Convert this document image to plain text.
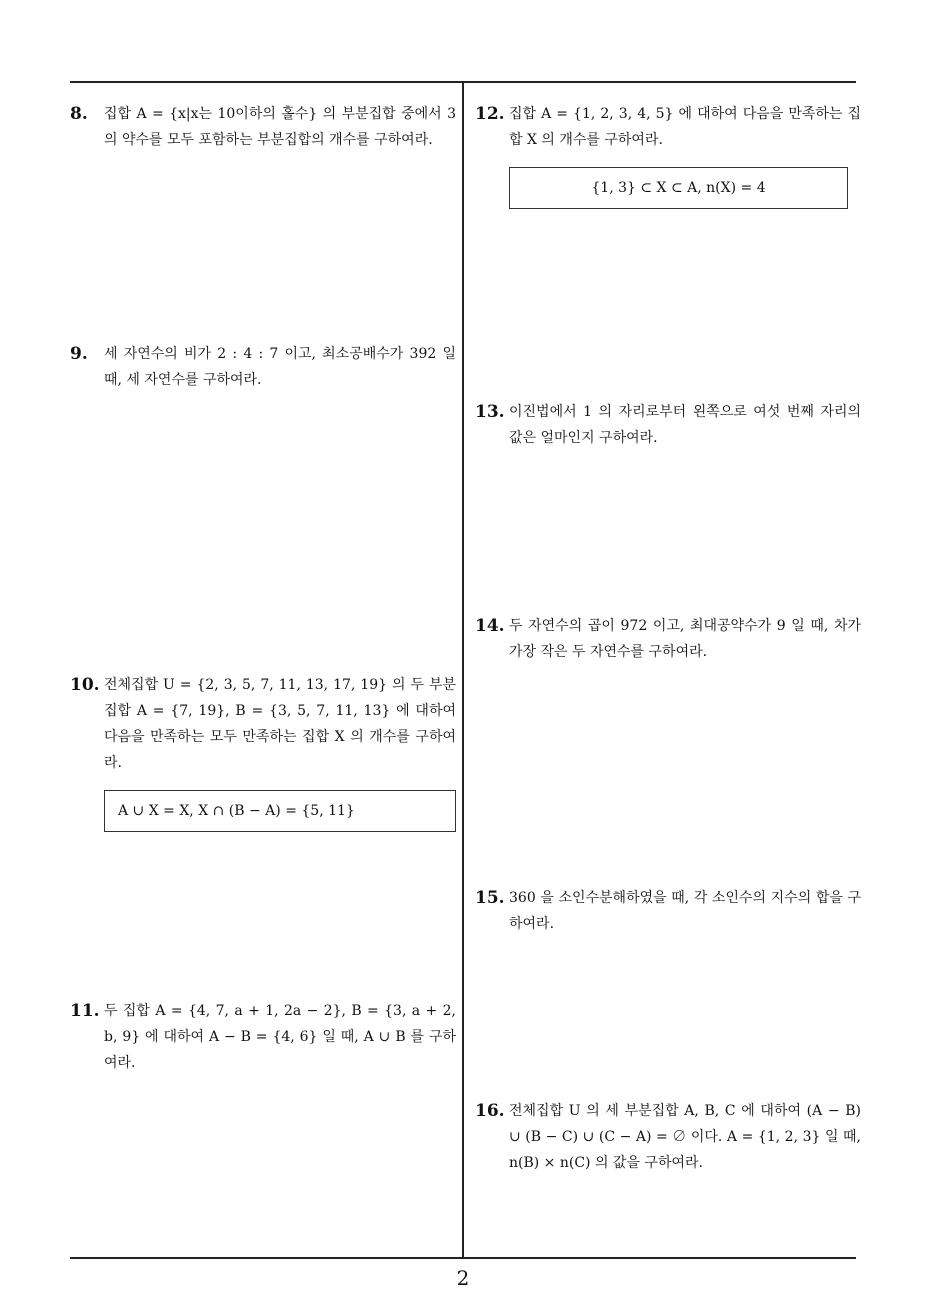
8. 집합 A = {x|x는 10이하의 홀수} 의 부분집합 중에서 3 의 약수를 모두 포함하는 부분집합의 개수를 구하여라.
9. 세 자연수의 비가 2 : 4 : 7 이고, 최소공배수가 392 일 때, 세 자연수를 구하여라.
10. 전체집합 U = {2, 3, 5, 7, 11, 13, 17, 19} 의 두 부분집합 A = {7, 19}, B = {3, 5, 7, 11, 13} 에 대하여 다음을 만족하는 모두 만족하는 집합 X 의 개수를 구하여라.
A ∪ X = X, X ∩ (B − A) = {5, 11}
11. 두 집합 A = {4, 7, a + 1, 2a − 2}, B = {3, a + 2, b, 9} 에 대하여 A − B = {4, 6} 일 때, A ∪ B 를 구하여라.
12. 집합 A = {1, 2, 3, 4, 5} 에 대하여 다음을 만족하는 집합 X 의 개수를 구하여라.
{1, 3} ⊂ X ⊂ A, n(X) = 4
13. 이진법에서 1 의 자리로부터 왼쪽으로 여섯 번째 자리의 값은 얼마인지 구하여라.
14. 두 자연수의 곱이 972 이고, 최대공약수가 9 일 때, 차가 가장 작은 두 자연수를 구하여라.
15. 360 을 소인수분해하였을 때, 각 소인수의 지수의 합을 구하여라.
16. 전체집합 U 의 세 부분집합 A, B, C 에 대하여 (A − B) ∪ (B − C) ∪ (C − A) = ∅ 이다. A = {1, 2, 3} 일 때, n(B) × n(C) 의 값을 구하여라.
2
